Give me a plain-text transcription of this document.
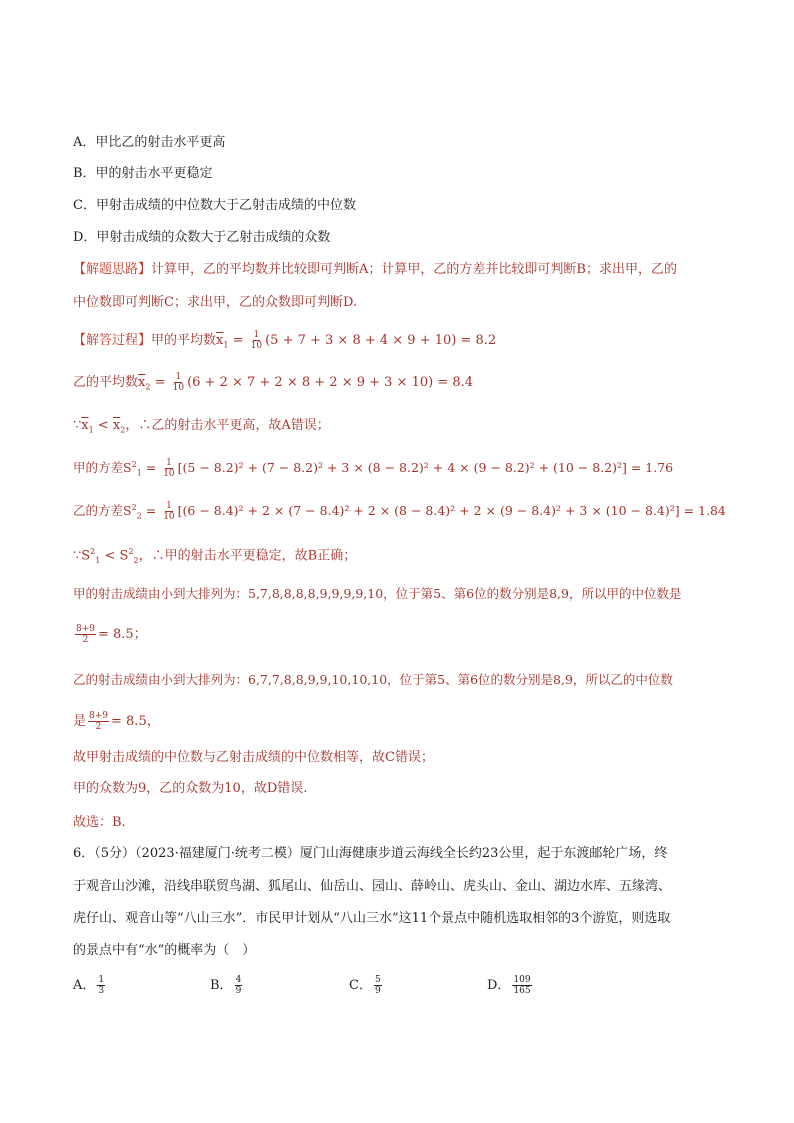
A．甲比乙的射击水平更高
B．甲的射击水平更稳定
C．甲射击成绩的中位数大于乙射击成绩的中位数
D．甲射击成绩的众数大于乙射击成绩的众数
【解题思路】计算甲，乙的平均数并比较即可判断A；计算甲，乙的方差并比较即可判断B；求出甲，乙的
中位数即可判断C；求出甲，乙的众数即可判断D.
【解答过程】甲的平均数$\overline{x}_1 = \frac{1}{10} (5 + 7 + 3 \times 8 + 4 \times 9 + 10) = 8.2$
乙的平均数$\overline{x}_2 = \frac{1}{10} (6 + 2 \times 7 + 2 \times 8 + 2 \times 9 + 3 \times 10) = 8.4$
$\because\overline{x}_1 < \overline{x}_2$，∴乙的射击水平更高，故A错误；
甲的方差$S^2_1 = \frac{1}{10} [(5 - 8.2)^2 + (7 - 8.2)^2 + 3 \times (8 - 8.2)^2 + 4 \times (9 - 8.2)^2 + (10 - 8.2)^2] = 1.76$
乙的方差$S^2_2 = \frac{1}{10} [(6 - 8.4)^2 + 2 \times (7 - 8.4)^2 + 2 \times (8 - 8.4)^2 + 2 \times (9 - 8.4)^2 + 3 \times (10 - 8.4)^2] = 1.84$
$\because S^2_1 < S^2_2$，∴甲的射击水平更稳定，故B正确；
甲的射击成绩由小到大排列为：5,7,8,8,8,8,9,9,9,9,10，位于第5、第6位的数分别是8,9，所以甲的中位数是
$\frac{8+9}{2} = 8.5$；
乙的射击成绩由小到大排列为：6,7,7,8,8,9,9,10,10,10，位于第5、第6位的数分别是8,9，所以乙的中位数
是 $\frac{8+9}{2} = 8.5$，
故甲射击成绩的中位数与乙射击成绩的中位数相等，故C错误；
甲的众数为9，乙的众数为10，故D错误.
故选：B.
6．（5分）（2023·福建厦门·统考二模）厦门山海健康步道云海线全长约23公里，起于东渡邮轮广场，终
于观音山沙滩，沿线串联贸鸟湖、狐尾山、仙岳山、园山、薛岭山、虎头山、金山、湖边水库、五缘湾、
虎仔山、观音山等“八山三水”．市民甲计划从“八山三水”这11个景点中随机选取相邻的3个游览，则选取
的景点中有“水”的概率为（　）
A． $\frac{1}{3}$	B． $\frac{4}{9}$	C． $\frac{5}{9}$	D． $\frac{109}{165}$
